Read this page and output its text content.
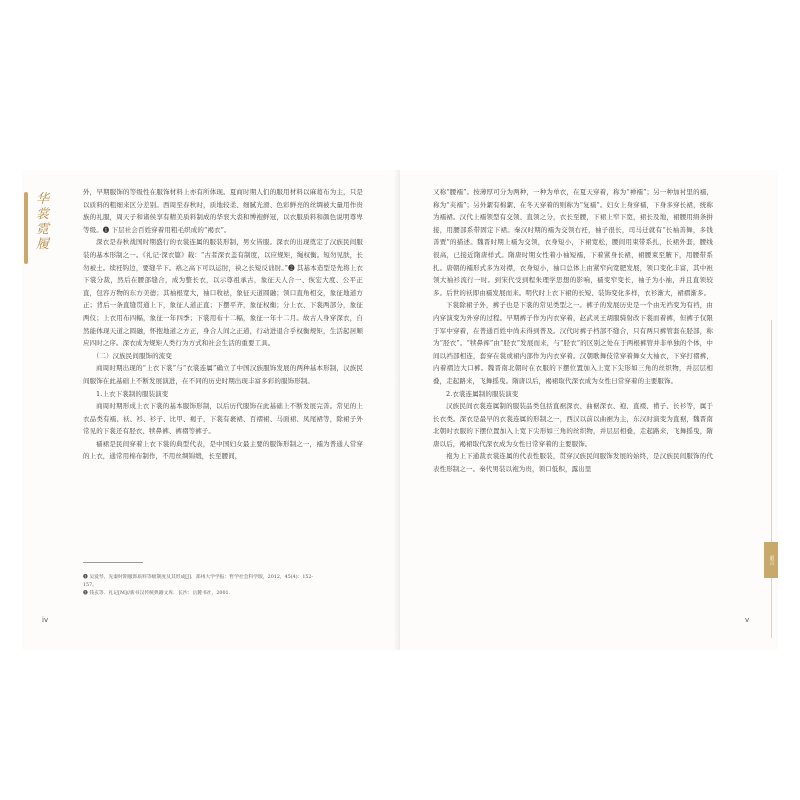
华
裳
霓
履

外，早期服饰的等级性在服饰材料上亦有所体现。夏商时期人们的服用材料以麻葛布为主，只是以质料的粗细来区分差别。西周至春秋时，质地较柔、细腻光滑、色彩鲜亮的丝绸被大量用作贵族的礼服，周天子和诸侯享有精美质料制成的华衮大裘和博袍鲜冠，以衣服质料和颜色说明尊卑等级。❶ 下层社会百姓穿着用粗毛织成的“褐衣”。

深衣是春秋战国时期盛行的衣裳连属的服装形制，男女皆服。深衣的出现奠定了汉族民间服装的基本形制之一。《礼记·深衣篇》载：“古者深衣盖有制度，以应规矩，绳权衡。短勿见肤，长勿被土。续衽钩边，要缝半下。袼之高下可以运肘，袂之长短反诎肘。”❷ 其基本造型是先将上衣下裳分裁，然后在腰部缝合，成为整长衣，以示尊祖承古，象征天人合一、恢宏大度、公平正直，包容万物的东方美德；其袖根宽大，袖口收祛，象征天道圆融；领口直角相交，象征地道方正；背后一条直缝贯通上下，象征人道正直；下摆平齐，象征权衡；分上衣、下裳两部分，象征两仪；上衣用布四幅，象征一年四季；下裳用布十二幅，象征一年十二月。故古人身穿深衣，自然能体现天道之圆融，怀抱地道之方正，身合人间之正道，行动进退合乎权衡规矩，生活起居顺应四时之序。深衣成为规矩人类行为方式和社会生活的重要工具。

（二）汉族民间服饰的流变

商周时期出现的“上衣下裳”与“衣裳连属”确立了中国汉族服饰发展的两种基本形制，汉族民间服饰在此基础上不断发展演进，在不同的历史时期出现丰富多彩的服饰形制。

1.上衣下裳制的服装演变

商周时期形成上衣下裳的基本服饰形制，以后历代服饰在此基础上不断发展完善。常见的上衣品类有襦、袄、衫、衫子、比甲、褐子，下裳有裹裙、百褶裙、马面裙、凤尾裙等，除裙子外常见的下裳还有胫衣、犊鼻裤、裤褶等裤子。

襦裙是民间穿着上衣下裳的典型代表，是中国妇女最主要的服饰形制之一，襦为普通人常穿的上衣，通常用棉布制作，不用丝绸锦缎，长至腰间，

❶ 吴爱琴、先秦时期服饰质料等级制度及其形成[J]．郑州大学学报：哲学社会科学版，2012，45(4)：152-157。
❷ 钱玄等．礼记[M]//新书汉传统典籍文库．长沙：岳麓书社，2001．
iv

又称“腰襦”。按薄厚可分为两种，一种为单衣，在夏天穿着，称为“禅襦”；另一种加衬里的襦，称为“夹襦”；另外絮有棉絮、在冬天穿着的则称为“复襦”。妇女上身穿襦，下身多穿长裙，统称为襦裙。汉代上襦领型有交领、直领之分，衣长至腰，下裙上窄下宽，裙长及地，裙腰用绢条拼接，用腰部系带固定下裙。秦汉时期的襦为交领右衽，袖子很长，司马迁就有“长袖善舞，多钱善贾”的描述。魏晋时期上襦为交领，衣身短小，下裙宽松，腰间用束带系扎，长裙外套，腰线很高，已接近隋唐样式。隋唐时期女性着小袖短襦，下着紧身长裙，裙腰束至腋下，用腰带系扎。唐朝的襦形式多为对襟，衣身短小，袖口总体上由紧窄向宽肥发展，领口变化丰富，其中袒领大袖衫流行一时。到宋代受到程朱理学思想的影响，襦变窄变长，袖子为小袖，并且直领较多。后世的袄即由襦发展而来。明代时上衣下裙的长短、装饰变化多样，衣衫渐大，裙褶渐多。

下裳除裙子外，裤子也是下裳的常见类型之一。裤子的发展历史是一个由无裆变为有裆，由内穿演变为外穿的过程。早期裤子作为内衣穿着，赵武灵王胡服骑射改下裳而着裤，但裤子仅限于军中穿着，在普通百姓中尚未得到普及。汉代时裤子档部不缝合，只有两只裤管套在胫部，称为“胫衣”。“犊鼻裈”由“胫衣”发展而来，与“胫衣”的区别之处在于两根裤管并非单独的个体，中间以裆部相连，套穿在裳或裙内部作为内衣穿着。汉朝歌舞伎常穿着舞女大袖衣，下穿打褶裤，内着褶边大口裤。魏晋南北朝时在衣服的下摆位置加入上宽下尖形如三角的丝织物，并层层相叠，走起路来，飞舞摇曳。隋唐以后，褐裙取代深衣成为女性日常穿着的主要服饰。

2.衣裳连属制的服装演变

汉族民间衣裳连属制的服装品类包括直裾深衣、曲裾深衣、袍、直裰、褙子、长衫等，属于长衣类。深衣是最早的衣裳连属的形制之一，西汉以前以曲裾为主，东汉时演变为直裾，魏晋南北朝时衣服的下摆位置加入上宽下尖形如三角的丝织物，并层层相叠，走起路来，飞舞摇曳，隋唐以后，褐裙取代深衣成为女性日常穿着的主要服饰。

袍为上下通裁衣裳连属的代表性服装，贯穿汉族民间服饰发展的始终，是汉族民间服饰的代表性形制之一。秦代男装以袍为贵，领口低积，露出里

前言
v
